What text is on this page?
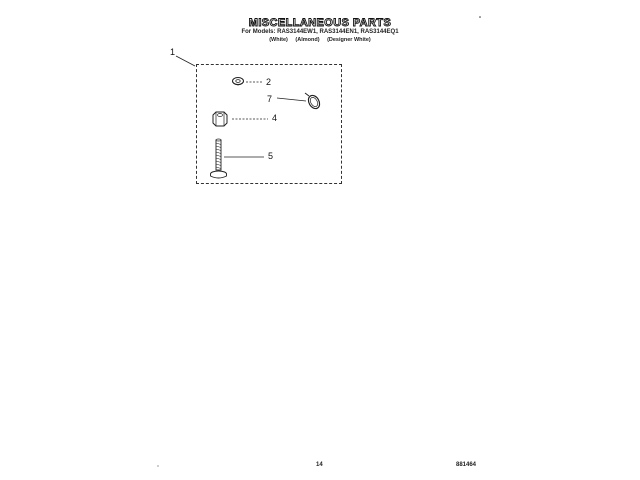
MISCELLANEOUS PARTS
For Models: RAS3144EW1, RAS3144EN1, RAS3144EQ1
(White) (Almond) (Designer White)
1
2
7
4
5
14	881464
